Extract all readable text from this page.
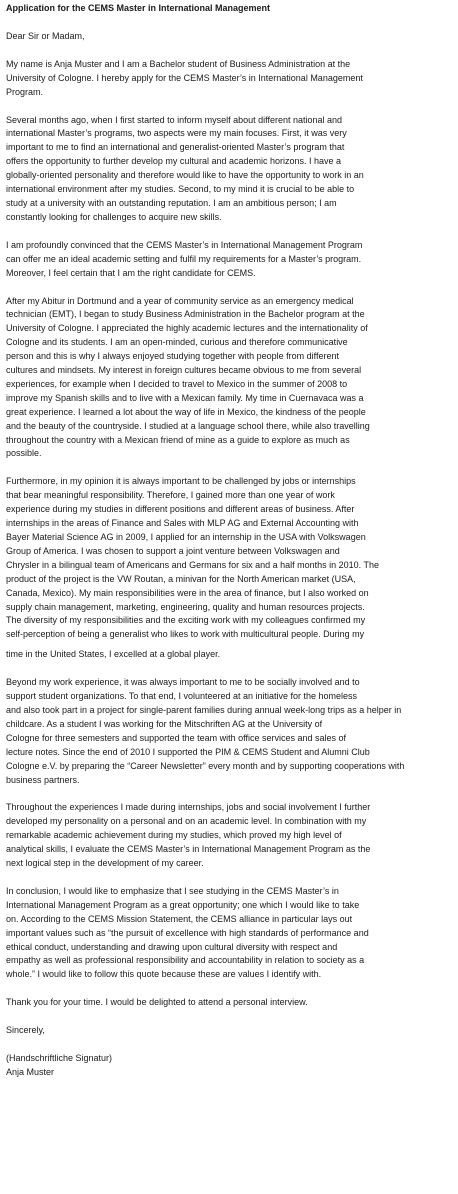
Application for the CEMS Master in International Management
Dear Sir or Madam,
My name is Anja Muster and I am a Bachelor student of Business Administration at the
University of Cologne. I hereby apply for the CEMS Master’s in International Management
Program.
Several months ago, when I first started to inform myself about different national and
international Master’s programs, two aspects were my main focuses. First, it was very
important to me to find an international and generalist-oriented Master’s program that
offers the opportunity to further develop my cultural and academic horizons. I have a
globally-oriented personality and therefore would like to have the opportunity to work in an
international environment after my studies. Second, to my mind it is crucial to be able to
study at a university with an outstanding reputation. I am an ambitious person; I am
constantly looking for challenges to acquire new skills.
I am profoundly convinced that the CEMS Master’s in International Management Program
can offer me an ideal academic setting and fulfil my requirements for a Master’s program.
Moreover, I feel certain that I am the right candidate for CEMS.
After my Abitur in Dortmund and a year of community service as an emergency medical
technician (EMT), I began to study Business Administration in the Bachelor program at the
University of Cologne. I appreciated the highly academic lectures and the internationality of
Cologne and its students. I am an open-minded, curious and therefore communicative
person and this is why I always enjoyed studying together with people from different
cultures and mindsets. My interest in foreign cultures became obvious to me from several
experiences, for example when I decided to travel to Mexico in the summer of 2008 to
improve my Spanish skills and to live with a Mexican family. My time in Cuernavaca was a
great experience. I learned a lot about the way of life in Mexico, the kindness of the people
and the beauty of the countryside. I studied at a language school there, while also travelling
throughout the country with a Mexican friend of mine as a guide to explore as much as
possible.
Furthermore, in my opinion it is always important to be challenged by jobs or internships
that bear meaningful responsibility. Therefore, I gained more than one year of work
experience during my studies in different positions and different areas of business. After
internships in the areas of Finance and Sales with MLP AG and External Accounting with
Bayer Material Science AG in 2009, I applied for an internship in the USA with Volkswagen
Group of America. I was chosen to support a joint venture between Volkswagen and
Chrysler in a bilingual team of Americans and Germans for six and a half months in 2010. The
product of the project is the VW Routan, a minivan for the North American market (USA,
Canada, Mexico). My main responsibilities were in the area of finance, but I also worked on
supply chain management, marketing, engineering, quality and human resources projects.
The diversity of my responsibilities and the exciting work with my colleagues confirmed my
self-perception of being a generalist who likes to work with multicultural people. During my
time in the United States, I excelled at a global player.
Beyond my work experience, it was always important to me to be socially involved and to
support student organizations. To that end, I volunteered at an initiative for the homeless
and also took part in a project for single-parent families during annual week-long trips as a helper in
childcare. As a student I was working for the Mitschriften AG at the University of
Cologne for three semesters and supported the team with office services and sales of
lecture notes. Since the end of 2010 I supported the PIM & CEMS Student and Alumni Club
Cologne e.V. by preparing the “Career Newsletter” every month and by supporting cooperations with
business partners.
Throughout the experiences I made during internships, jobs and social involvement I further
developed my personality on a personal and on an academic level. In combination with my
remarkable academic achievement during my studies, which proved my high level of
analytical skills, I evaluate the CEMS Master’s in International Management Program as the
next logical step in the development of my career.
In conclusion, I would like to emphasize that I see studying in the CEMS Master’s in
International Management Program as a great opportunity; one which I would like to take
on. According to the CEMS Mission Statement, the CEMS alliance in particular lays out
important values such as “the pursuit of excellence with high standards of performance and
ethical conduct, understanding and drawing upon cultural diversity with respect and
empathy as well as professional responsibility and accountability in relation to society as a
whole.” I would like to follow this quote because these are values I identify with.
Thank you for your time. I would be delighted to attend a personal interview.
Sincerely,
(Handschriftliche Signatur)
Anja Muster
